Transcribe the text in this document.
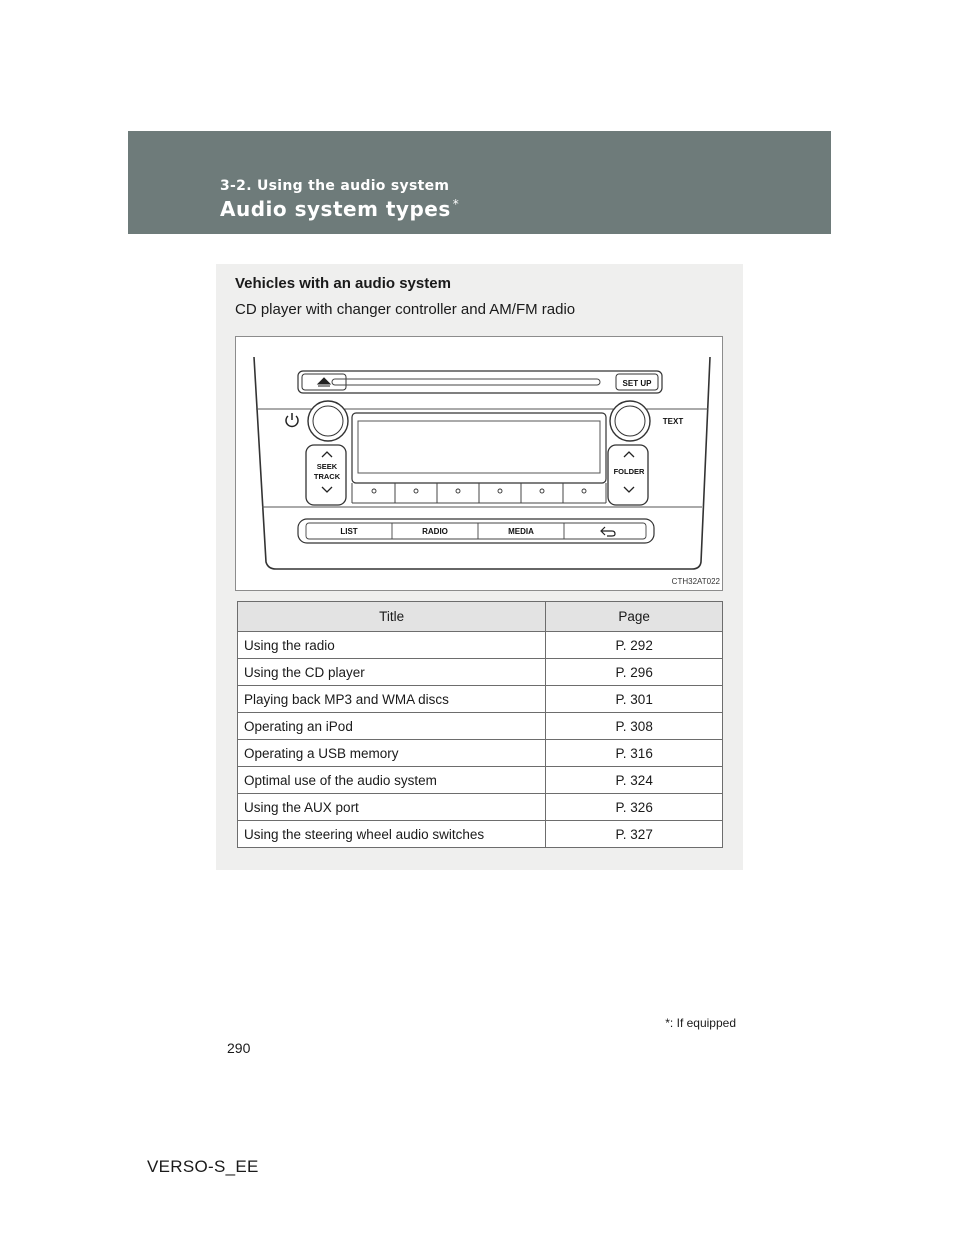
3-2. Using the audio system
Audio system types *
Vehicles with an audio system
CD player with changer controller and AM/FM radio
SET UP
TEXT
SEEK
TRACK
FOLDER
LIST	RADIO	MEDIA
CTH32AT022
Title	Page
Using the radio	P. 292
Using the CD player	P. 296
Playing back MP3 and WMA discs	P. 301
Operating an iPod	P. 308
Operating a USB memory	P. 316
Optimal use of the audio system	P. 324
Using the AUX port	P. 326
Using the steering wheel audio switches	P. 327
*: If equipped
290
VERSO-S_EE
